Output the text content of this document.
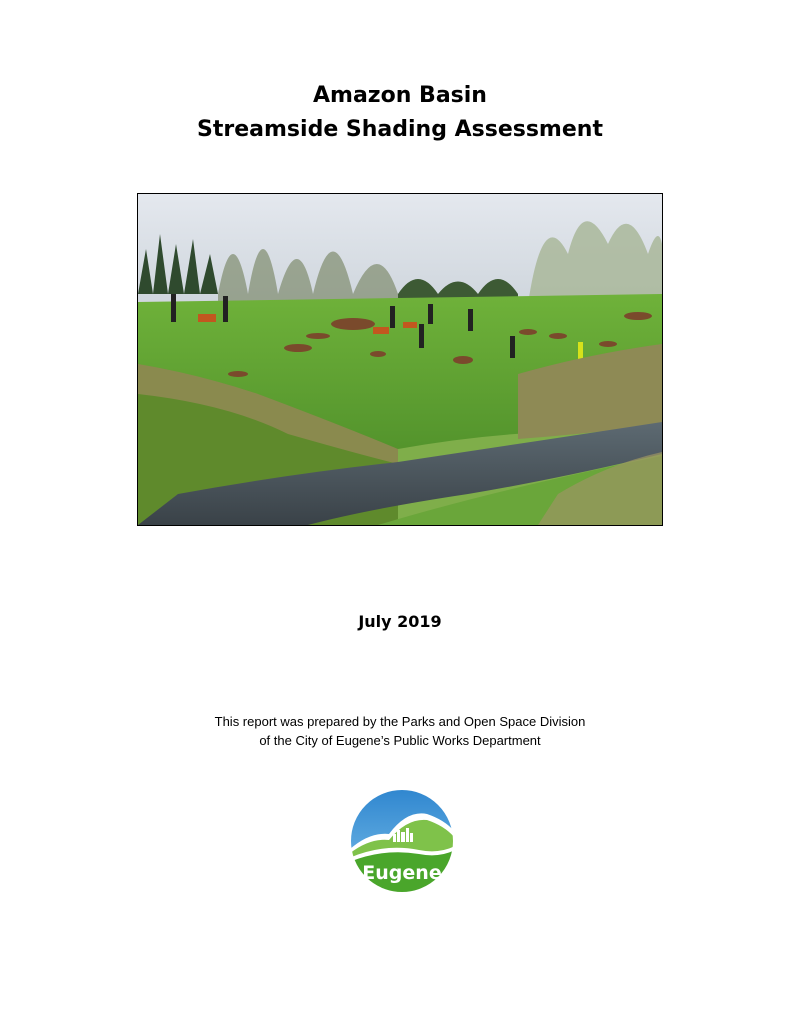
Amazon Basin
Streamside Shading Assessment
July 2019
This report was prepared by the Parks and Open Space Division
of the City of Eugene’s Public Works Department
Eugene
